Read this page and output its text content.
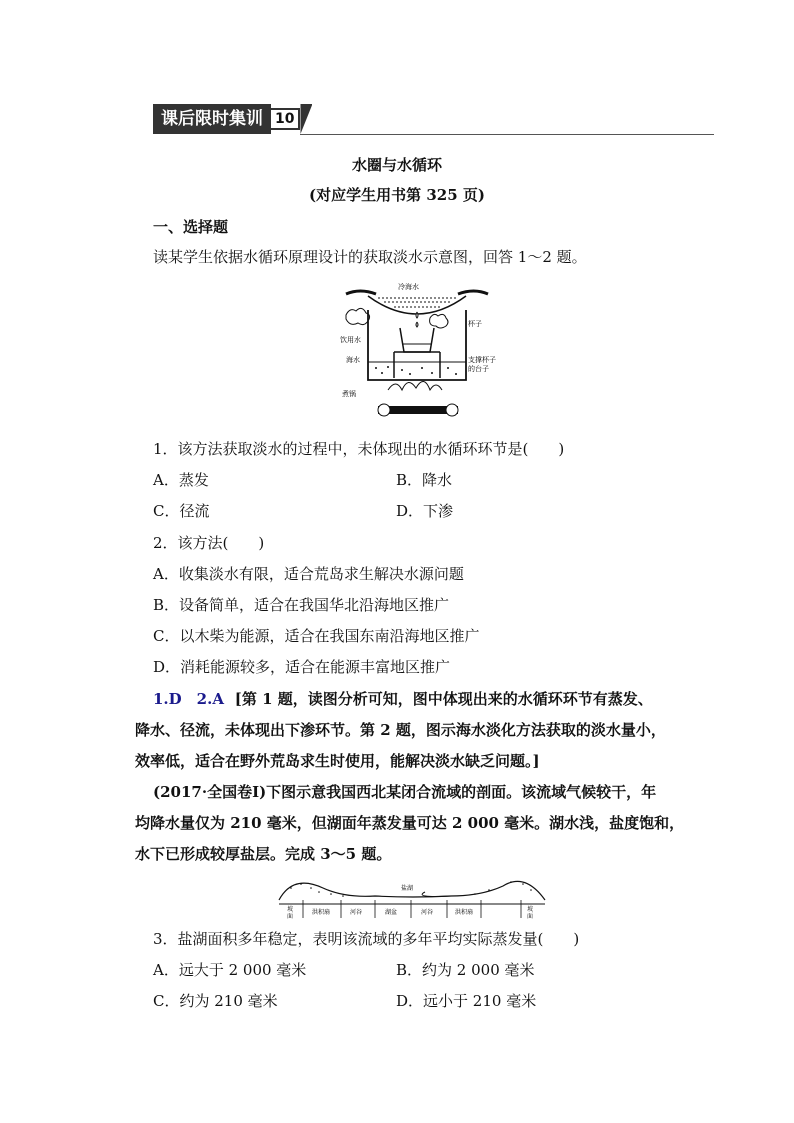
课后限时集训 10
水圈与水循环
(对应学生用书第 325 页)
一、选择题
读某学生依据水循环原理设计的获取淡水示意图，回答 1～2 题。
冷海水
杯子
饮用水
海水	支撑杯子
的台子
煮锅
1．该方法获取淡水的过程中，未体现出的水循环环节是(　　)
A．蒸发	B．降水
C．径流	D．下渗
2．该方法(　　)
A．收集淡水有限，适合荒岛求生解决水源问题
B．设备简单，适合在我国华北沿海地区推广
C．以木柴为能源，适合在我国东南沿海地区推广
D．消耗能源较多，适合在能源丰富地区推广
1.D　2.A [第 1 题，读图分析可知，图中体现出来的水循环环节有蒸发、
降水、径流，未体现出下渗环节。第 2 题，图示海水淡化方法获取的淡水量小，
效率低，适合在野外荒岛求生时使用，能解决淡水缺乏问题。]
(2017·全国卷Ⅰ)下图示意我国西北某闭合流域的剖面。该流域气候较干，年
均降水量仅为 210 毫米，但湖面年蒸发量可达 2 000 毫米。湖水浅，盐度饱和，
水下已形成较厚盐层。完成 3～5 题。
盐湖
坡
面
洪积扇	河谷	湖盆	河谷	洪积扇	坡
面
3．盐湖面积多年稳定，表明该流域的多年平均实际蒸发量(　　)
A．远大于 2 000 毫米	B．约为 2 000 毫米
C．约为 210 毫米	D．远小于 210 毫米
